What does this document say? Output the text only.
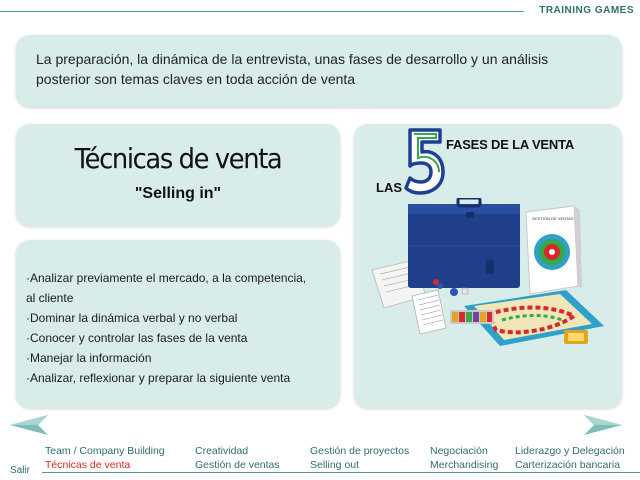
TRAINING GAMES

La preparación, la dinámica de la entrevista, unas fases de desarrollo y un análisis posterior son temas claves en toda acción de venta

Técnicas de venta
"Selling in"
·Analizar previamente el mercado, a la competencia,
al cliente
·Dominar la dinámica verbal y no verbal
·Conocer y controlar las fases de la venta
·Manejar la información
·Analizar, reflexionar y preparar la siguiente venta
LAS
FASES DE LA VENTA
GESTIÓN DE VENTAS
Salir
Team / Company Building
Técnicas de venta
Creatividad
Gestión de ventas
Gestión de proyectos
Selling out
Negociación
Merchandising
Liderazgo y Delegación
Carterización bancaria
